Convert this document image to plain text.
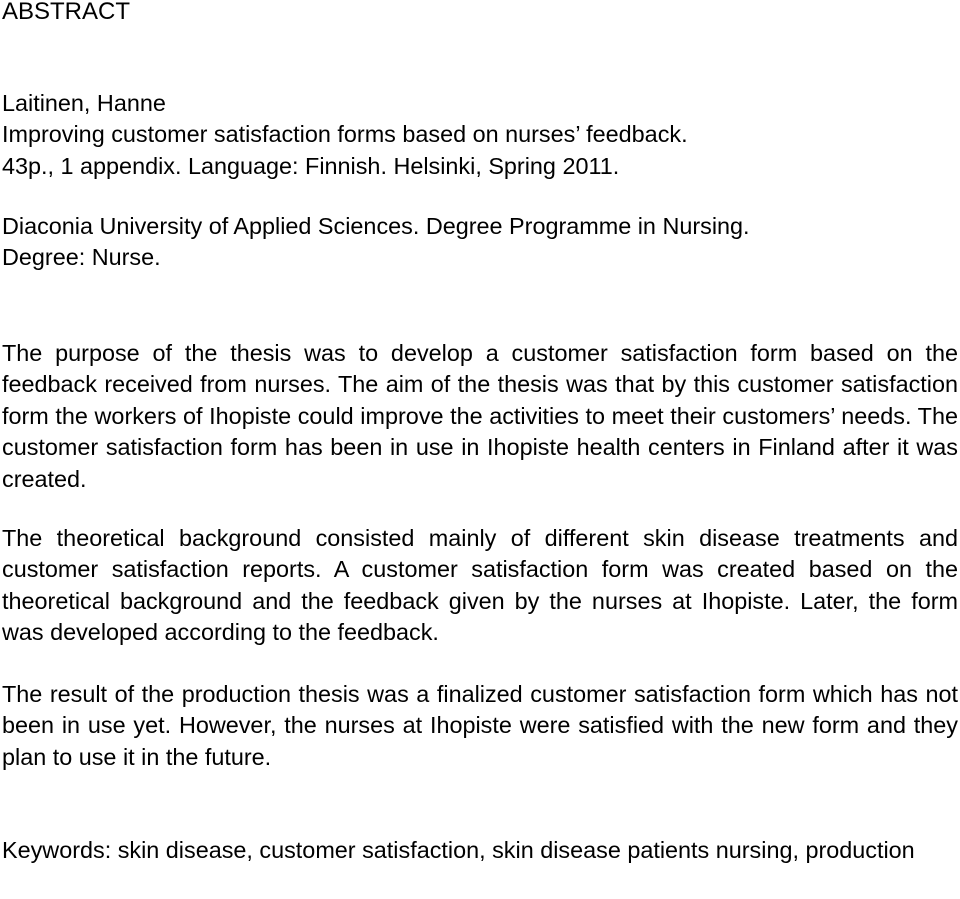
ABSTRACT
Laitinen, Hanne
Improving customer satisfaction forms based on nurses’ feedback.
43p., 1 appendix. Language: Finnish. Helsinki, Spring 2011.
Diaconia University of Applied Sciences. Degree Programme in Nursing.
Degree: Nurse.

The purpose of the thesis was to develop a customer satisfaction form based on the feedback received from nurses. The aim of the thesis was that by this customer satisfaction form the workers of Ihopiste could improve the activities to meet their customers’ needs. The customer satisfaction form has been in use in Ihopiste health centers in Finland after it was created.

The theoretical background consisted mainly of different skin disease treatments and customer satisfaction reports. A customer satisfaction form was created based on the theoretical background and the feedback given by the nurses at Ihopiste. Later, the form was developed according to the feedback.

The result of the production thesis was a finalized customer satisfaction form which has not been in use yet. However, the nurses at Ihopiste were satisfied with the new form and they plan to use it in the future.

Keywords: skin disease, customer satisfaction, skin disease patients nursing, production
